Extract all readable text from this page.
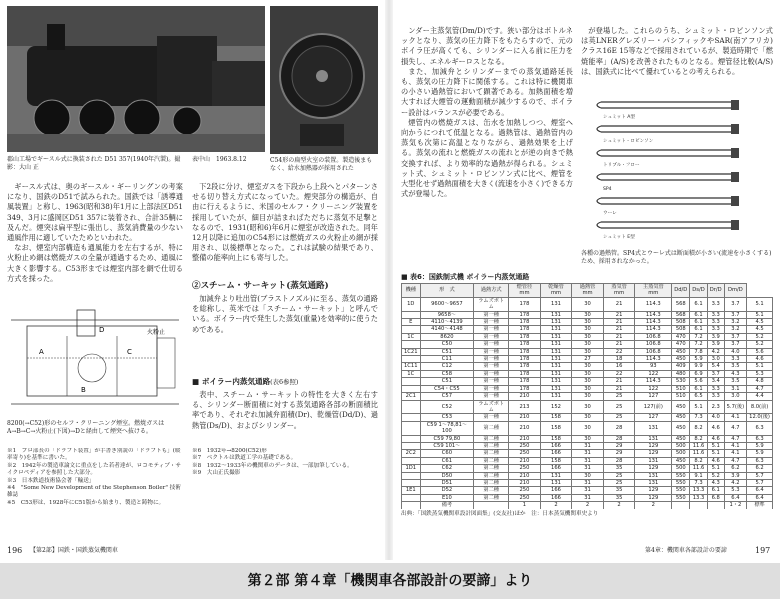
郡山工場でギースル式に換装された D51 357(1940年汽製)。撮影：大山 正
表中山　1963.8.12	C54形の扁型火室の装置。製造後まもなく、給水加熱器が採用された

ギースル式は、奥のギースル・ギーリングンの考案になり、国鉄のD51で試みられた。国鉄では「誘導通風装置」と称し、1963(昭和38)年1月に上部法区D51 349、3月に盛岡区D51 357に装着され、合計35輌に及んだ。煙突は扁平型に張出し、蒸気消費量の少ない通風作用に適していたためといわれた。

なお、煙室内部構造も通風能力を左右するが、特に火粉止め網は燃焼ガスの全量が通過するため、通風に大きく影響する。C53形までは煙室内部を網で仕切る方式を採った。

下2段に分け、煙室ガスを下段から上段へとパターンさせる切り替え方式になっていた。煙突部分の構造が、自由に行えるように、米国のセルフ・クリーニング装置を採用していたが、細目が詰まればただちに蒸気不足撃となるので、1931(昭和6)年6月に煙室が改造された。同年12月以降に追加のC54形には燃焼ガスの火粉止め網が採用され、以後標準となった。これは試験の結果であり、整備の能率向上にも寄与した。

②スチーム・サーキット(蒸気通路)

加減弁より吐出管(ブラストノズル)に至る、蒸気の通路を総称し、英米では「スチーム・サーキット」と呼んでいる。ボイラー内で発生した蒸気(重量)を効率的に使うためである。

■ ボイラー内蒸気通路(表6参照)

表中、スチーム・サーキットの特性を大きく左右する、シリンダー断面積に対する蒸気通路各部の断面積比率であり、それぞれ加減弁面積(Dr)、乾燥管(Dd/D)、過熱管(Ds/D)、およびシリンダー。

A
B
C
D	火粉止
8200(→C52)形のセルフ・クリーニング煙室。燃焼ガスはA→B→C→火粉止(下図)→Dと経由して煙突へ抜ける。
※1　プロ部長の「ドラフト装置」が手書き別説の「ドラフトも」(暖率寄り)を基準に書いた。
※2　1942年の製造車論文に重点をした若者達が、ロコモティブ・サイクロペディアを参照した大部分。
※3　日本鉄道技術協会著「輸送」
※4　"Some New Development of the Stephenson Boiler" 技術雑誌
※5　C53形は、1928年にC51版から始まり、製造と鋳物に。
※6　1932年→8200(C52)形
※7　ベクトルは鉄道工学の基礎である。
※8　1932～1933年の機関車のデータは、一部加筆している。
※9　大山正氏撮影
196 【第2部】国鉄・国鉄蒸気機関車

ンダー主蒸気管(Dm/D)です。狭い部分はボトルネックとなり、蒸気の圧力降下をもたらすので、元のボイラ圧が高くても、シリンダーに入る前に圧力を損失し、エネルギーロスとなる。

また、加減弁とシリンダーまでの蒸気通路延長も、蒸気の圧力降下に関係する。これは特に機関車の小さい過熱管において顕著である。加熱面積を増大すれば大煙管の運動面積が減少するので、ボイラー設計はバランスが必要である。

煙管内の燃焼ガスは、缶水を加熱しつつ、煙室へ向かうにつれて低温となる。過熱管は、過熱管内の蒸気も次第に高温となりながら、過熱効果を上げる。蒸気の流れと燃焼ガスの流れとが逆の向きで熱交換すれば、より効率的な過熱が得られる。シュミット式、シュミット・ロビンソン式に比べ、煙管を大型化せず過熱面積を大きく(流速を小さく)できる方式が登場した。

が登場した。これらのうち、シュミット・ロビンソン式は英LNERグレズリー・パシフィックやSAR(南アフリカ)クラス16E 15等などで採用されているが、製造時期で「燃焼能率」(A/S)を改善されたものとなる。煙管径比較(A/S)は、国鉄式に比べて優れているとの考えられる。

シュミット A型
シュミット・ロビンソン
トリプル・フロー
SP4
ウーレ
シュミット E型
各種の過熱管。SP4式とウーレ式は断面積が小さい(流速を小さくする)ため、採用されなかった。
■ 表6：国鉄制式機 ボイラー内蒸気通路
機種	形　式	過熱方式	煙管径 mm	乾燥管 mm	過熱管 mm	蒸気管 mm	主蒸気管 mm	Dd/D	Ds/D	Dr/D	Dm/D	
1D	9600～9657	ラムズボトム	178	131	30	21	114.3	568	6.1	3.3	3.7	5.1
	9658～	第一種	178	131	30	21	114.3	568	6.1	3.3	3.7	5.1
E	4110～4139	第一種	178	131	30	21	114.3	508	6.1	3.3	3.2	4.5
	4140～4148	第一種	178	131	30	21	114.3	508	6.1	3.3	3.2	4.5
1C	8620	第一種	178	131	30	21	106.8	470	7.2	3.9	3.7	5.2
	C50	第一種	178	131	30	21	106.8	470	7.2	3.9	3.7	5.2
1C21	C51	第一種	178	131	30	22	106.8	450	7.8	4.2	4.0	5.6
	C11	第一種	178	131	27	18	114.3	450	5.9	3.0	3.3	4.6
1C11	C12	第一種	178	131	30	16	93	409	9.9	5.4	3.5	5.1
1C	C58	第一種	178	131	30	22	122	480	6.9	3.7	4.3	5.3
	C51	第一種	178	131	30	21	114.3	530	5.6	3.4	3.5	4.8
	C54・C55	第一種	178	131	30	21	122	510	6.1	3.3	3.1	4.7
2C1	C57	第一種	210	131	30	25	127	510	6.5	3.3	3.0	4.4
	C52	ラムズボトム	213	152	30	25	127(前)	450	5.1	2.3	5.7(後)	8.0(前)
	C53	第一種	210	158	30	25	127	450	7.3	4.0	4.1	12.0(後)
	C59 1～78,81～100	第二種	210	158	30	28	131	450	8.2	4.6	4.7	6.3
	C59 79,80	第二種	210	158	30	28	131	450	8.2	4.6	4.7	6.3
	C59 101～	第二種	250	166	31	29	129	500	11.6	5.1	4.1	5.9
2C2	C60	第二種	250	166	31	29	129	500	11.6	5.1	4.1	5.9
	C61	第二種	210	158	31	28	131	450	8.2	4.6	4.7	6.3
1D1	C62	第二種	250	166	31	35	129	500	11.6	5.1	6.2	6.2
	D50	第二種	210	131	30	25	131	550	9.1	5.2	3.9	5.7
	D51	第二種	210	131	31	25	131	550	7.3	4.3	4.2	5.7
1E1	D52	第二種	250	166	31	35	129	550	13.3	6.1	5.3	6.4
	E10	第二種	250	166	31	35	129	550	13.3	6.8	6.4	6.4
	備考		1	2	2	2	2				1・2	標準
出典：「国鉄蒸気機関車設計図面集」(交友社)ほか　注：日本蒸気機関車史より
第4章：機関車各部設計の要諦	197
第２部 第４章「機関車各部設計の要諦」より
